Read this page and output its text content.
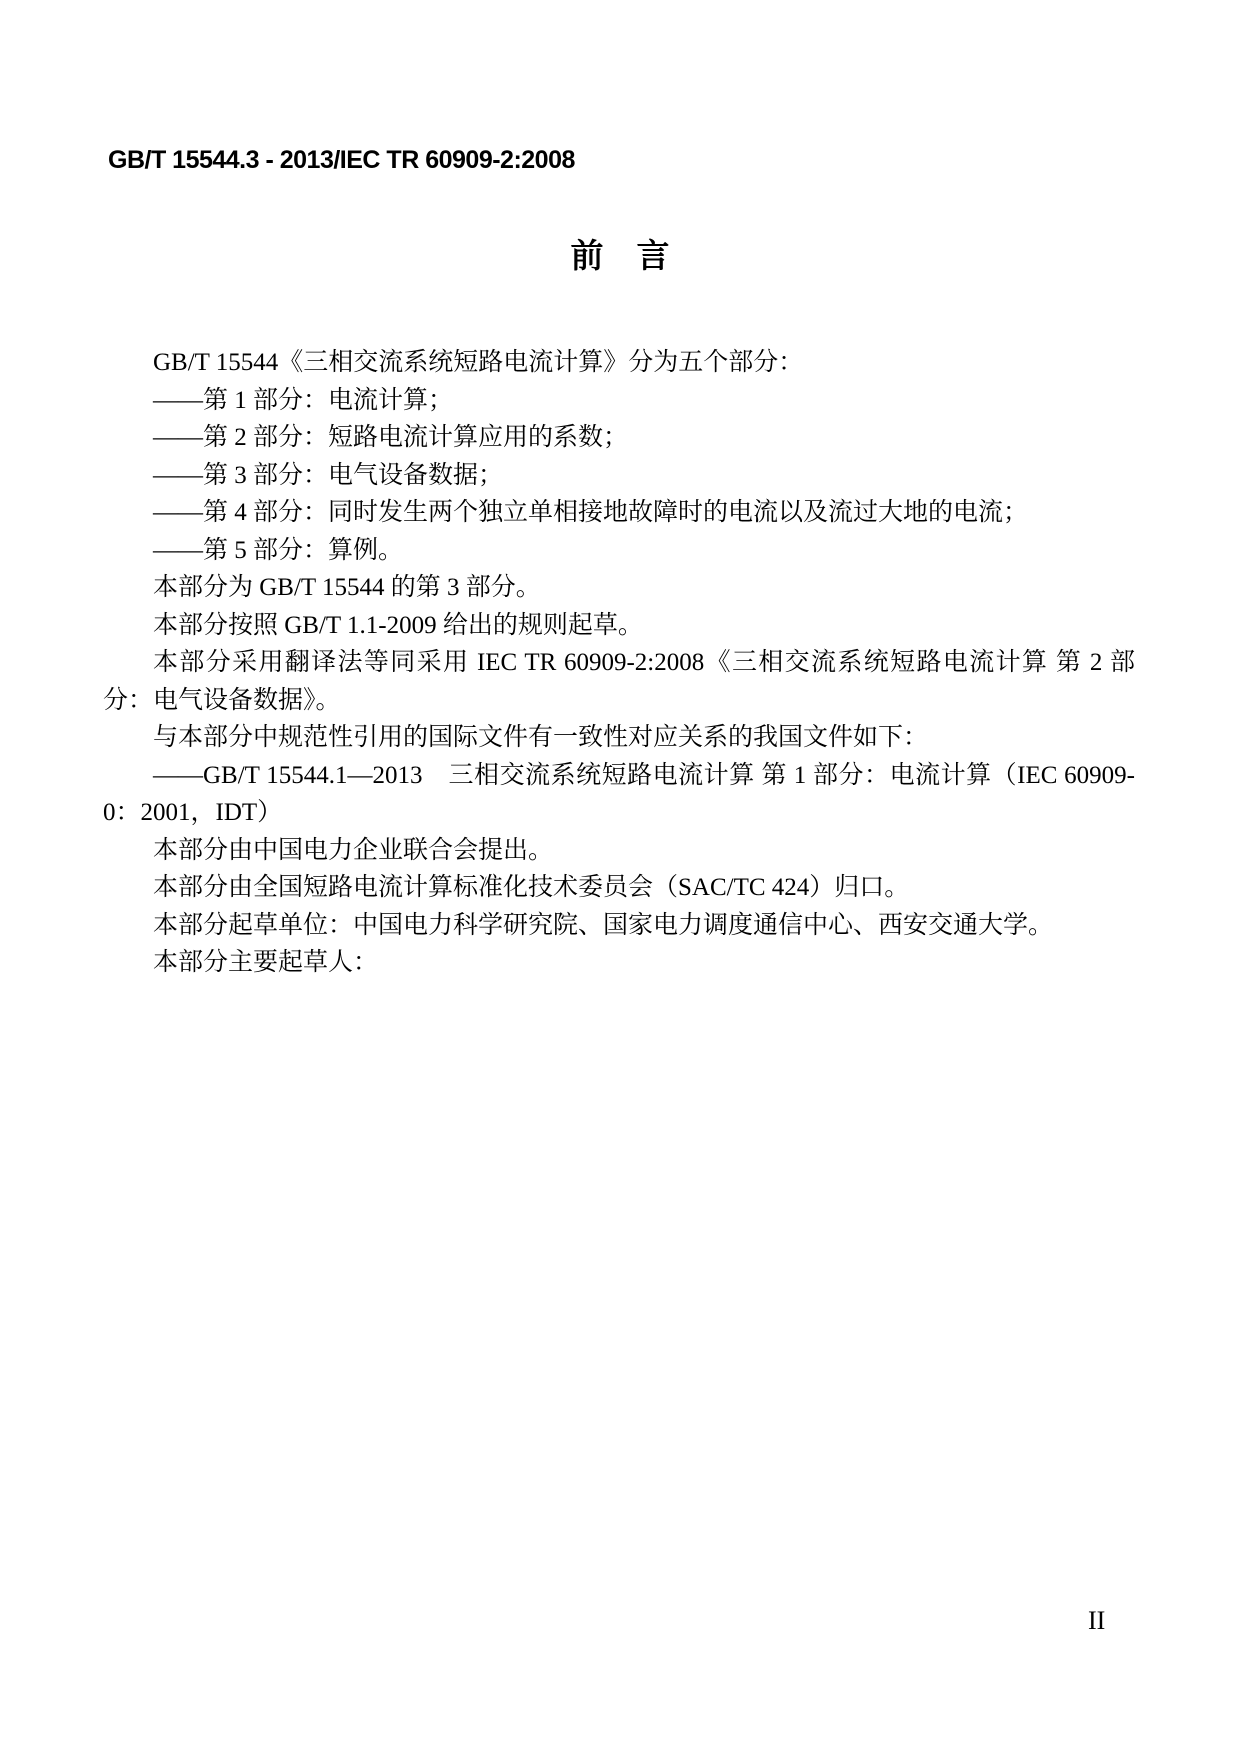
GB/T 15544.3 - 2013/IEC TR 60909-2:2008
前　言

GB/T 15544《三相交流系统短路电流计算》分为五个部分：

——第 1 部分：电流计算；

——第 2 部分：短路电流计算应用的系数；

——第 3 部分：电气设备数据；

——第 4 部分：同时发生两个独立单相接地故障时的电流以及流过大地的电流；

——第 5 部分：算例。

本部分为 GB/T 15544 的第 3 部分。

本部分按照 GB/T 1.1-2009 给出的规则起草。

本部分采用翻译法等同采用 IEC TR 60909-2:2008《三相交流系统短路电流计算 第 2 部分：电气设备数据》。

与本部分中规范性引用的国际文件有一致性对应关系的我国文件如下：

——GB/T 15544.1—2013　三相交流系统短路电流计算 第 1 部分：电流计算（IEC 60909-0：2001，IDT）

本部分由中国电力企业联合会提出。

本部分由全国短路电流计算标准化技术委员会（SAC/TC 424）归口。

本部分起草单位：中国电力科学研究院、国家电力调度通信中心、西安交通大学。

本部分主要起草人：

II
